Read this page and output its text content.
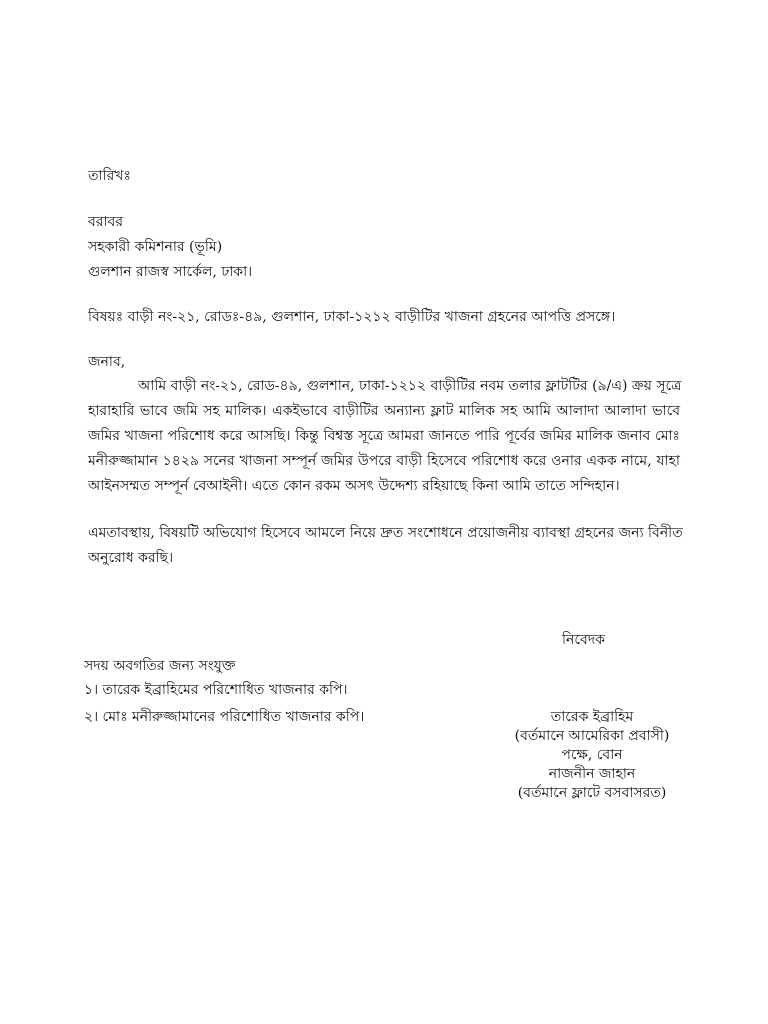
তারিখঃ
বরাবর
সহকারী কমিশনার (ভূমি)
গুলশান রাজস্ব সার্কেল, ঢাকা।
বিষয়ঃ বাড়ী নং-২১, রোডঃ-৪৯, গুলশান, ঢাকা-১২১২ বাড়ীটির খাজনা গ্রহনের আপত্তি প্রসঙ্গে।
জনাব,
আমি বাড়ী নং-২১, রোড-৪৯, গুলশান, ঢাকা-১২১২ বাড়ীটির নবম তলার ফ্লাটটির (৯/এ) ক্রয় সূত্রে
হারাহারি ভাবে জমি সহ মালিক। একইভাবে বাড়ীটির অন্যান্য ফ্লাট মালিক সহ আমি আলাদা আলাদা ভাবে
জমির খাজনা পরিশোধ করে আসছি। কিন্তু বিশ্বস্ত সূত্রে আমরা জানতে পারি পূর্বের জমির মালিক জনাব মোঃ
মনীরুজ্জামান ১৪২৯ সনের খাজনা সম্পূর্ন জমির উপরে বাড়ী হিসেবে পরিশোধ করে ওনার একক নামে, যাহা
আইনসম্মত সম্পূর্ন বেআইনী। এতে কোন রকম অসৎ উদ্দেশ্য রহিয়াছে কিনা আমি তাতে সন্দিহান।
এমতাবস্থায়, বিষয়টি অভিযোগ হিসেবে আমলে নিয়ে দ্রুত সংশোধনে প্রয়োজনীয় ব্যাবস্থা গ্রহনের জন্য বিনীত
অনুরোধ করছি।
নিবেদক
সদয় অবগতির জন্য সংযুক্ত
১। তারেক ইব্রাহিমের পরিশোধিত খাজনার কপি।
২। মোঃ মনীরুজ্জামানের পরিশোধিত খাজনার কপি।	তারেক ইব্রাহিম
(বর্তমানে আমেরিকা প্রবাসী)
পক্ষে, বোন
নাজনীন জাহান
(বর্তমানে ফ্লাটে বসবাসরত)
